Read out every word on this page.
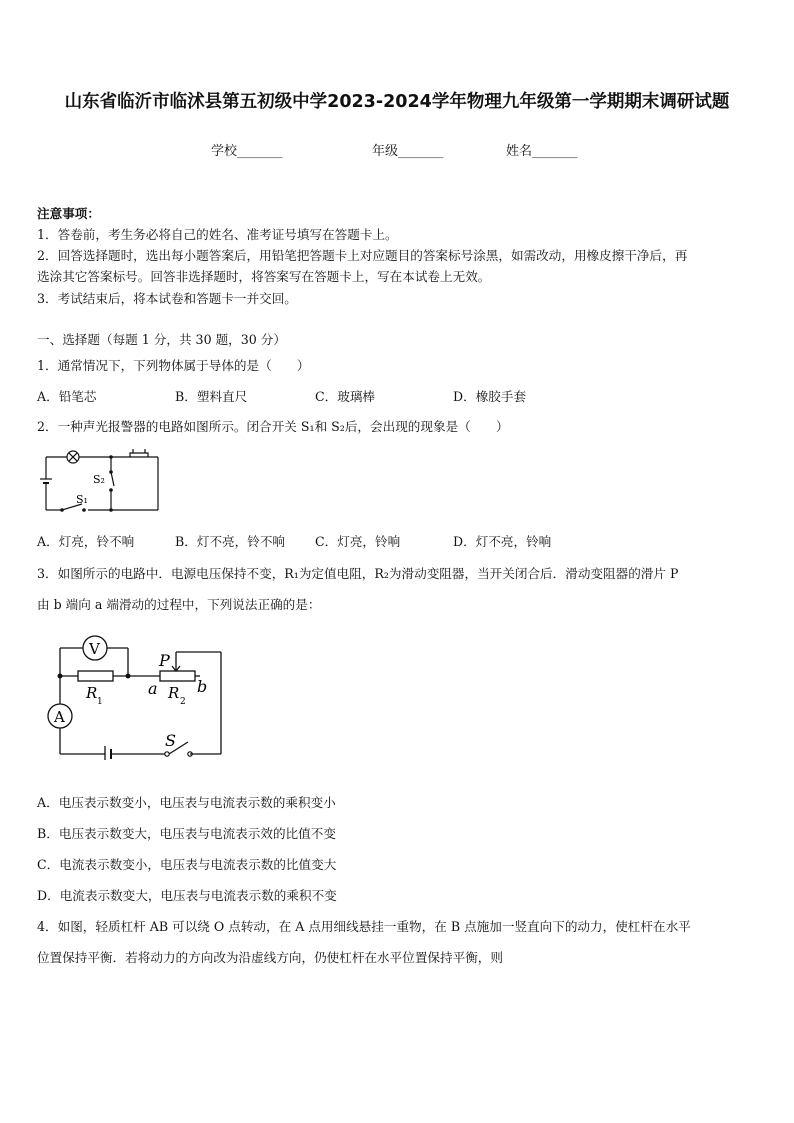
山东省临沂市临沭县第五初级中学2023-2024学年物理九年级第一学期期末调研试题
学校_______	年级_______	姓名_______
注意事项：
1．答卷前，考生务必将自己的姓名、准考证号填写在答题卡上。
2．回答选择题时，选出每小题答案后，用铅笔把答题卡上对应题目的答案标号涂黑，如需改动，用橡皮擦干净后，再
选涂其它答案标号。回答非选择题时，将答案写在答题卡上，写在本试卷上无效。
3．考试结束后，将本试卷和答题卡一并交回。
一、选择题（每题 1 分，共 30 题，30 分）
1．通常情况下，下列物体属于导体的是（　　）
A．铅笔芯	B．塑料直尺	C．玻璃棒	D．橡胶手套
2．一种声光报警器的电路如图所示。闭合开关 S₁和 S₂后，会出现的现象是（　　）
S₂
S₁
A．灯亮，铃不响	B．灯不亮，铃不响 C．灯亮，铃响	D．灯不亮，铃响
3．如图所示的电路中．电源电压保持不变，R₁为定值电阻，R₂为滑动变阻器，当开关闭合后．滑动变阻器的滑片 P
由 b 端向 a 端滑动的过程中，下列说法正确的是：
V
A
P
R 1	R 2
a b
S
A．电压表示数变小，电压表与电流表示数的乘积变小
B．电压表示数变大，电压表与电流表示效的比值不变
C．电流表示数变小，电压表与电流表示数的比值变大
D．电流表示数变大，电压表与电流表示数的乘积不变
4．如图，轻质杠杆 AB 可以绕 O 点转动，在 A 点用细线悬挂一重物，在 B 点施加一竖直向下的动力，使杠杆在水平
位置保持平衡．若将动力的方向改为沿虚线方向，仍使杠杆在水平位置保持平衡，则
